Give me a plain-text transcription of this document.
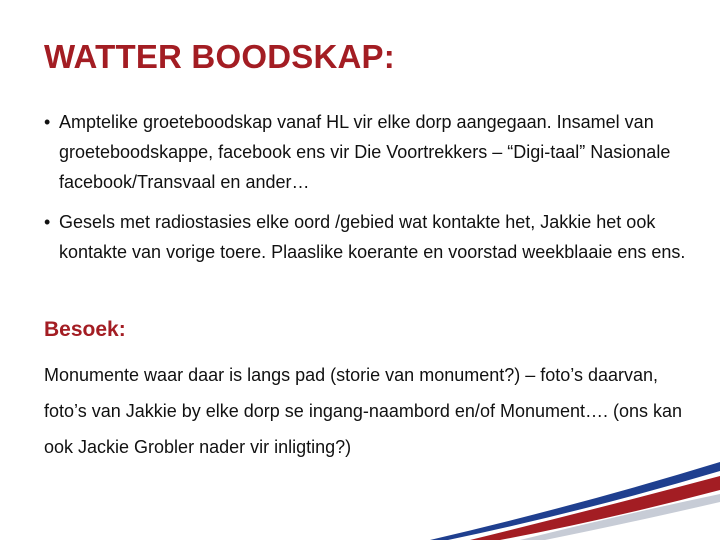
WATTER BOODSKAP:
• Amptelike groeteboodskap vanaf HL vir elke dorp aangegaan. Insamel van groeteboodskappe, facebook ens vir Die Voortrekkers – “Digi-taal” Nasionale facebook/Transvaal en ander…
• Gesels met radiostasies elke oord /gebied wat kontakte het, Jakkie het ook kontakte van vorige toere. Plaaslike koerante en voorstad weekblaaie ens ens.
Besoek:
Monumente waar daar is langs pad (storie van monument?) – foto’s daarvan, foto’s van Jakkie by elke dorp se ingang-naambord en/of Monument…. (ons kan ook Jackie Grobler nader vir inligting?)
